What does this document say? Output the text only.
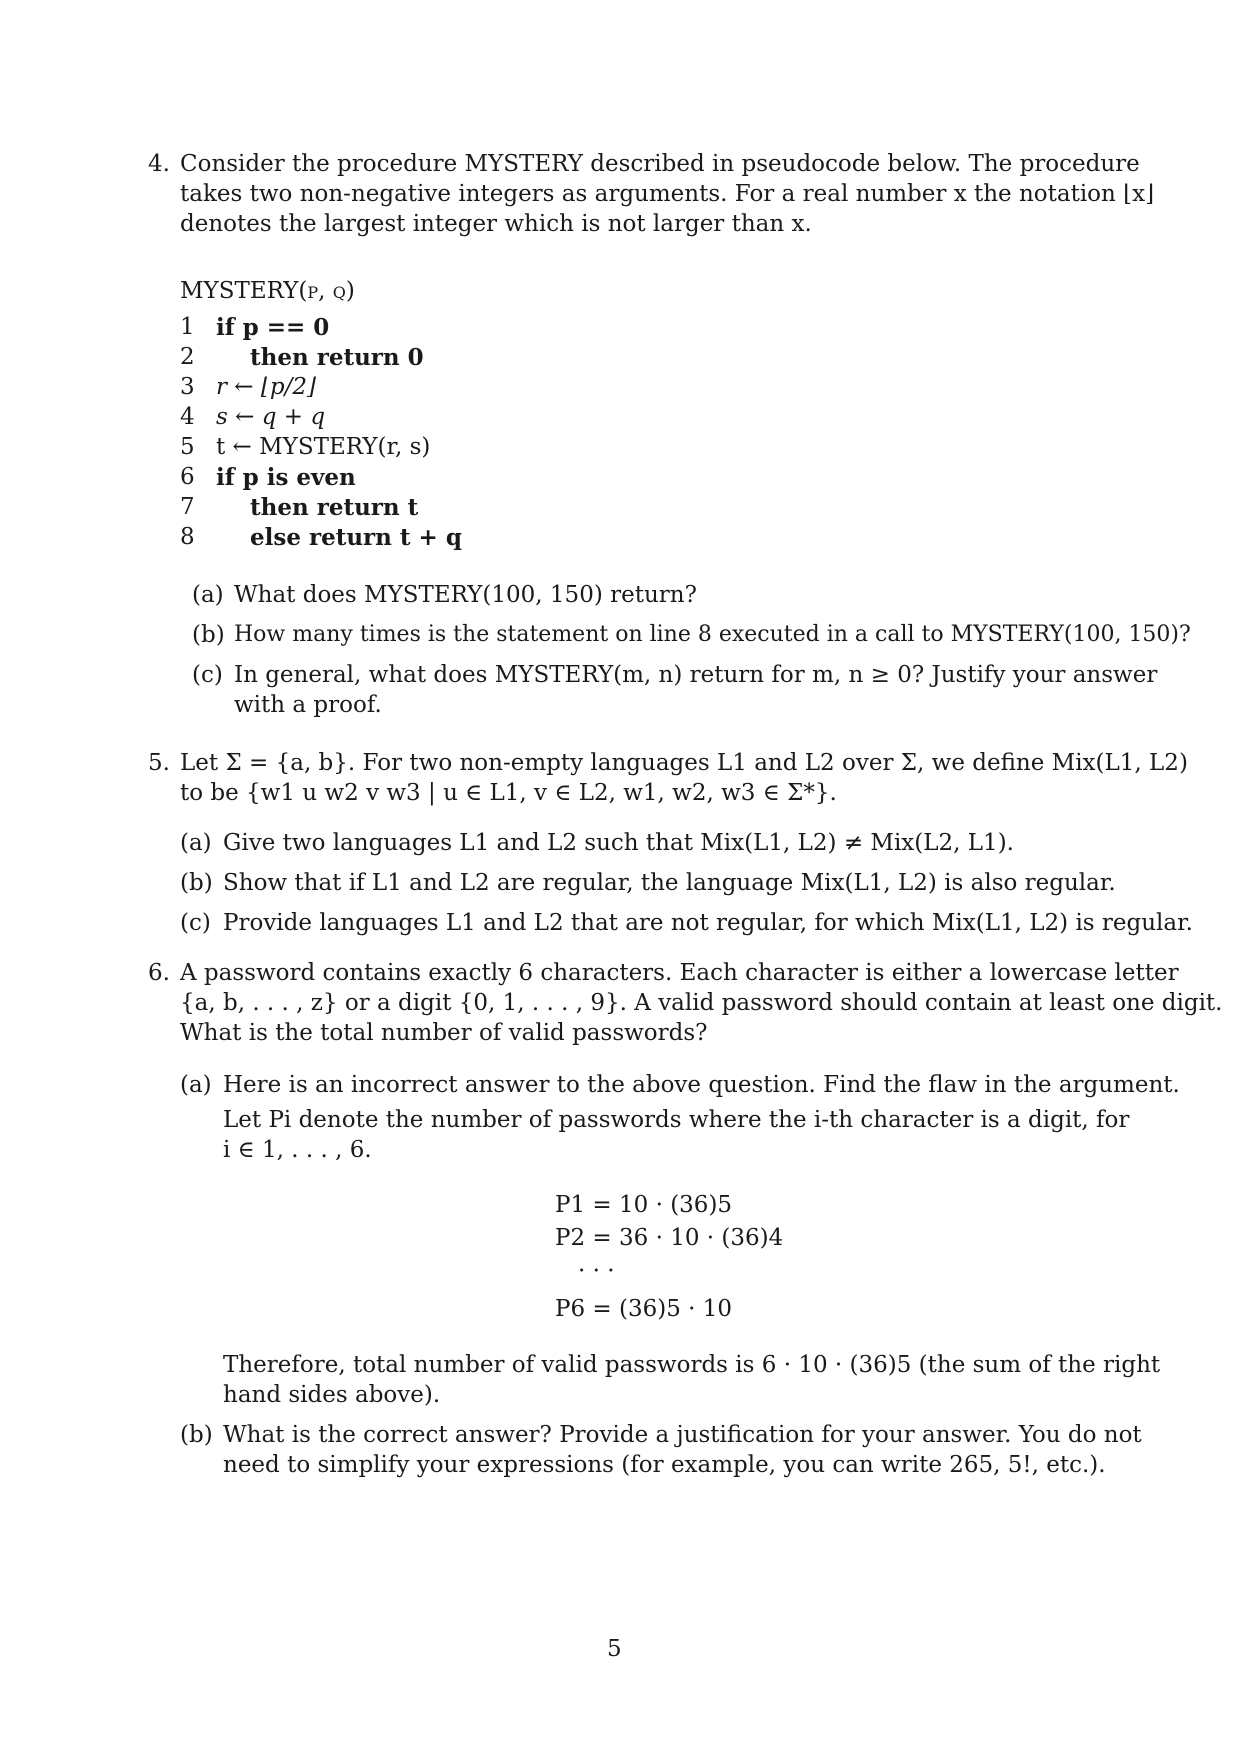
4. Consider the procedure MYSTERY described in pseudocode below. The procedure
takes two non-negative integers as arguments. For a real number x the notation ⌊x⌋
denotes the largest integer which is not larger than x.
MYSTERY(p, q)
1 if p == 0
2 then return 0
3 r ← ⌊p/2⌋
4 s ← q + q
5 t ← MYSTERY(r, s)
6 if p is even
7 then return t
8 else return t + q
(a) What does MYSTERY(100, 150) return?
(b) How many times is the statement on line 8 executed in a call to MYSTERY(100, 150)?
(c) In general, what does MYSTERY(m, n) return for m, n ≥ 0? Justify your answer
with a proof.
5. Let Σ = {a, b}. For two non-empty languages L1 and L2 over Σ, we define Mix(L1, L2)
to be {w1 u w2 v w3 | u ∈ L1, v ∈ L2, w1, w2, w3 ∈ Σ*}.
(a) Give two languages L1 and L2 such that Mix(L1, L2) ≠ Mix(L2, L1).
(b) Show that if L1 and L2 are regular, the language Mix(L1, L2) is also regular.
(c) Provide languages L1 and L2 that are not regular, for which Mix(L1, L2) is regular.
6. A password contains exactly 6 characters. Each character is either a lowercase letter
{a, b, . . . , z} or a digit {0, 1, . . . , 9}. A valid password should contain at least one digit.
What is the total number of valid passwords?
(a) Here is an incorrect answer to the above question. Find the flaw in the argument.
Let Pi denote the number of passwords where the i-th character is a digit, for
i ∈ 1, . . . , 6.
P1 = 10 · (36)5
P2 = 36 · 10 · (36)4
· · ·
P6 = (36)5 · 10
Therefore, total number of valid passwords is 6 · 10 · (36)5 (the sum of the right
hand sides above).
(b) What is the correct answer? Provide a justification for your answer. You do not
need to simplify your expressions (for example, you can write 265, 5!, etc.).
5
